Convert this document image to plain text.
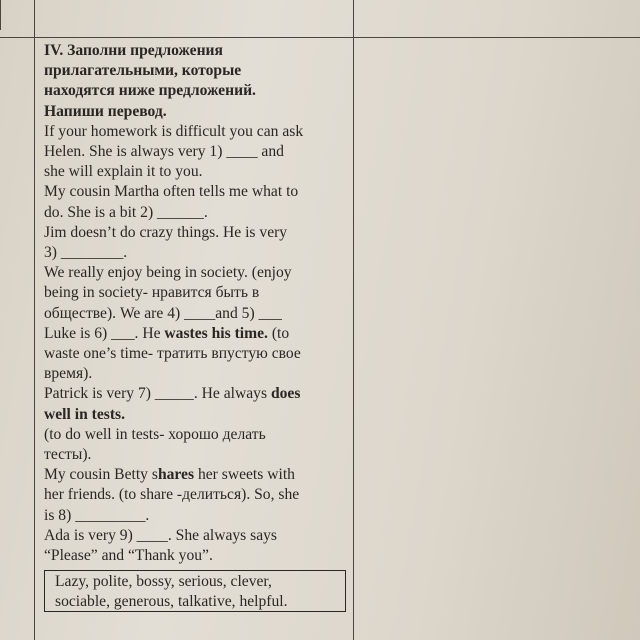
IV. Заполни предложения
прилагательными, которые
находятся ниже предложений.
Напиши перевод.
If your homework is difficult you can ask
Helen. She is always very 1) ____ and
she will explain it to you.
My cousin Martha often tells me what to
do. She is a bit 2) ______.
Jim doesn’t do crazy things. He is very
3) ________.
We really enjoy being in society. (enjoy
being in society- нравится быть в
обществе). We are 4) ____and 5) ___
Luke is 6) ___. He wastes his time. (to
waste one’s time- тратить впустую свое
время).
Patrick is very 7) _____. He always does
well in tests.
(to do well in tests- хорошо делать
тесты).
My cousin Betty shares her sweets with
her friends. (to share -делиться). So, she
is 8) _________.
Ada is very 9) ____. She always says
“Please” and “Thank you”.
Lazy, polite, bossy, serious, clever,
sociable, generous, talkative, helpful.
